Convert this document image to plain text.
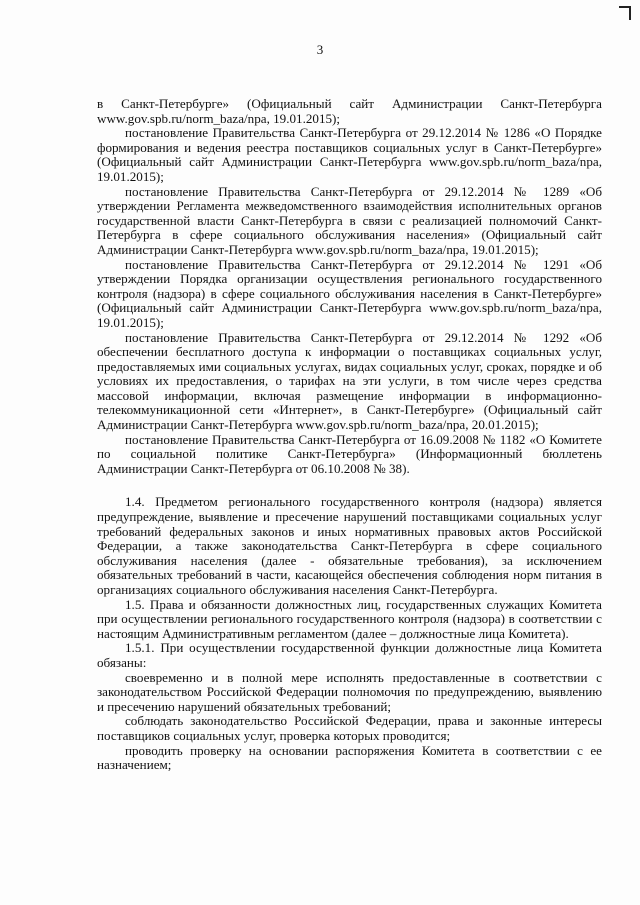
3

в Санкт-Петербурге» (Официальный сайт Администрации Санкт-Петербурга www.gov.spb.ru/norm_baza/npa, 19.01.2015);

постановление Правительства Санкт-Петербурга от 29.12.2014 № 1286 «О Порядке формирования и ведения реестра поставщиков социальных услуг в Санкт-Петербурге» (Официальный сайт Администрации Санкт-Петербурга www.gov.spb.ru/norm_baza/npa, 19.01.2015);

постановление Правительства Санкт-Петербурга от 29.12.2014 № 1289 «Об утверждении Регламента межведомственного взаимодействия исполнительных органов государственной власти Санкт-Петербурга в связи с реализацией полномочий Санкт-Петербурга в сфере социального обслуживания населения» (Официальный сайт Администрации Санкт-Петербурга www.gov.spb.ru/norm_baza/npa, 19.01.2015);

постановление Правительства Санкт-Петербурга от 29.12.2014 № 1291 «Об утверждении Порядка организации осуществления регионального государственного контроля (надзора) в сфере социального обслуживания населения в Санкт-Петербурге» (Официальный сайт Администрации Санкт-Петербурга www.gov.spb.ru/norm_baza/npa, 19.01.2015);

постановление Правительства Санкт-Петербурга от 29.12.2014 № 1292 «Об обеспечении бесплатного доступа к информации о поставщиках социальных услуг, предоставляемых ими социальных услугах, видах социальных услуг, сроках, порядке и об условиях их предоставления, о тарифах на эти услуги, в том числе через средства массовой информации, включая размещение информации в информационно-телекоммуникационной сети «Интернет», в Санкт-Петербурге» (Официальный сайт Администрации Санкт-Петербурга www.gov.spb.ru/norm_baza/npa, 20.01.2015);

постановление Правительства Санкт-Петербурга от 16.09.2008 № 1182 «О Комитете по социальной политике Санкт-Петербурга» (Информационный бюллетень Администрации Санкт-Петербурга от 06.10.2008 № 38).

1.4. Предметом регионального государственного контроля (надзора) является предупреждение, выявление и пресечение нарушений поставщиками социальных услуг требований федеральных законов и иных нормативных правовых актов Российской Федерации, а также законодательства Санкт-Петербурга в сфере социального обслуживания населения (далее - обязательные требования), за исключением обязательных требований в части, касающейся обеспечения соблюдения норм питания в организациях социального обслуживания населения Санкт-Петербурга.

1.5. Права и обязанности должностных лиц, государственных служащих Комитета при осуществлении регионального государственного контроля (надзора) в соответствии с настоящим Административным регламентом (далее – должностные лица Комитета).

1.5.1. При осуществлении государственной функции должностные лица Комитета обязаны:

своевременно и в полной мере исполнять предоставленные в соответствии с законодательством Российской Федерации полномочия по предупреждению, выявлению и пресечению нарушений обязательных требований;

соблюдать законодательство Российской Федерации, права и законные интересы поставщиков социальных услуг, проверка которых проводится;

проводить проверку на основании распоряжения Комитета в соответствии с ее назначением;
